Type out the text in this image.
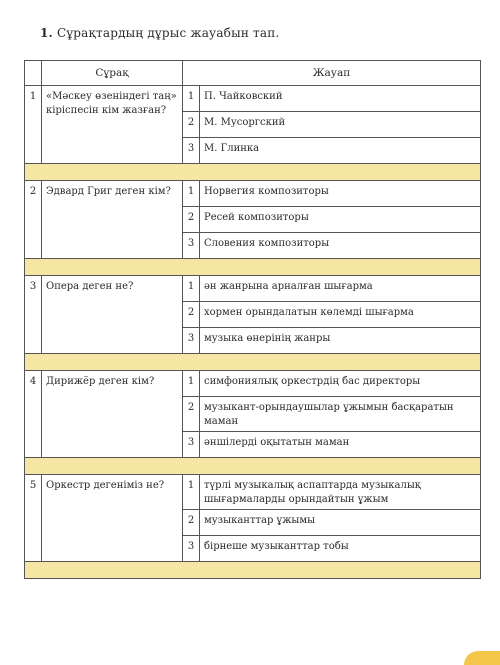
1. Сұрақтардың дұрыс жауабын тап.
	Сұрақ	Жауап	
1	«Мәскеу өзеніндегі таң» кіріспесін кім жазған?	1	П. Чайковский
		2	М. Мусоргский
		3	М. Глинка

2	Эдвард Григ деген кім?	1	Норвегия композиторы
		2	Ресей композиторы
		3	Словения композиторы

3	Опера деген не?	1	ән жанрына арналған шығарма
		2	хормен орындалатын көлемді шығарма
		3	музыка өнерінің жанры

4	Дирижёр деген кім?	1	симфониялық оркестрдің бас директоры
		2	музыкант-орындаушылар ұжымын басқаратын маман
		3	әншілерді оқытатын маман

5	Оркестр дегеніміз не?	1	түрлі музыкалық аспаптарда музыкалық шығармаларды орындайтын ұжым
		2	музыканттар ұжымы
		3	бірнеше музыканттар тобы
